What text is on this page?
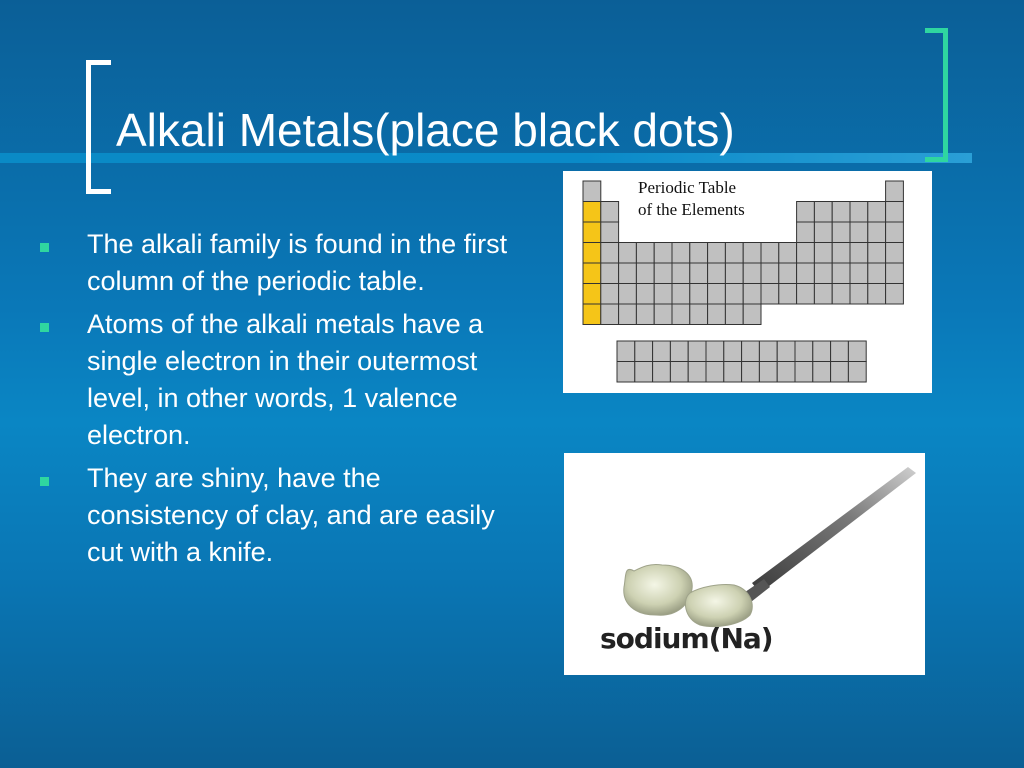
Alkali Metals(place black dots)
The alkali family is found in the first column of the periodic table.
Atoms of the alkali metals have a single electron in their outermost level, in other words, 1 valence electron.
They are shiny, have the consistency of clay, and are easily cut with a knife.
Periodic Table
of the Elements
sodium(Na)
